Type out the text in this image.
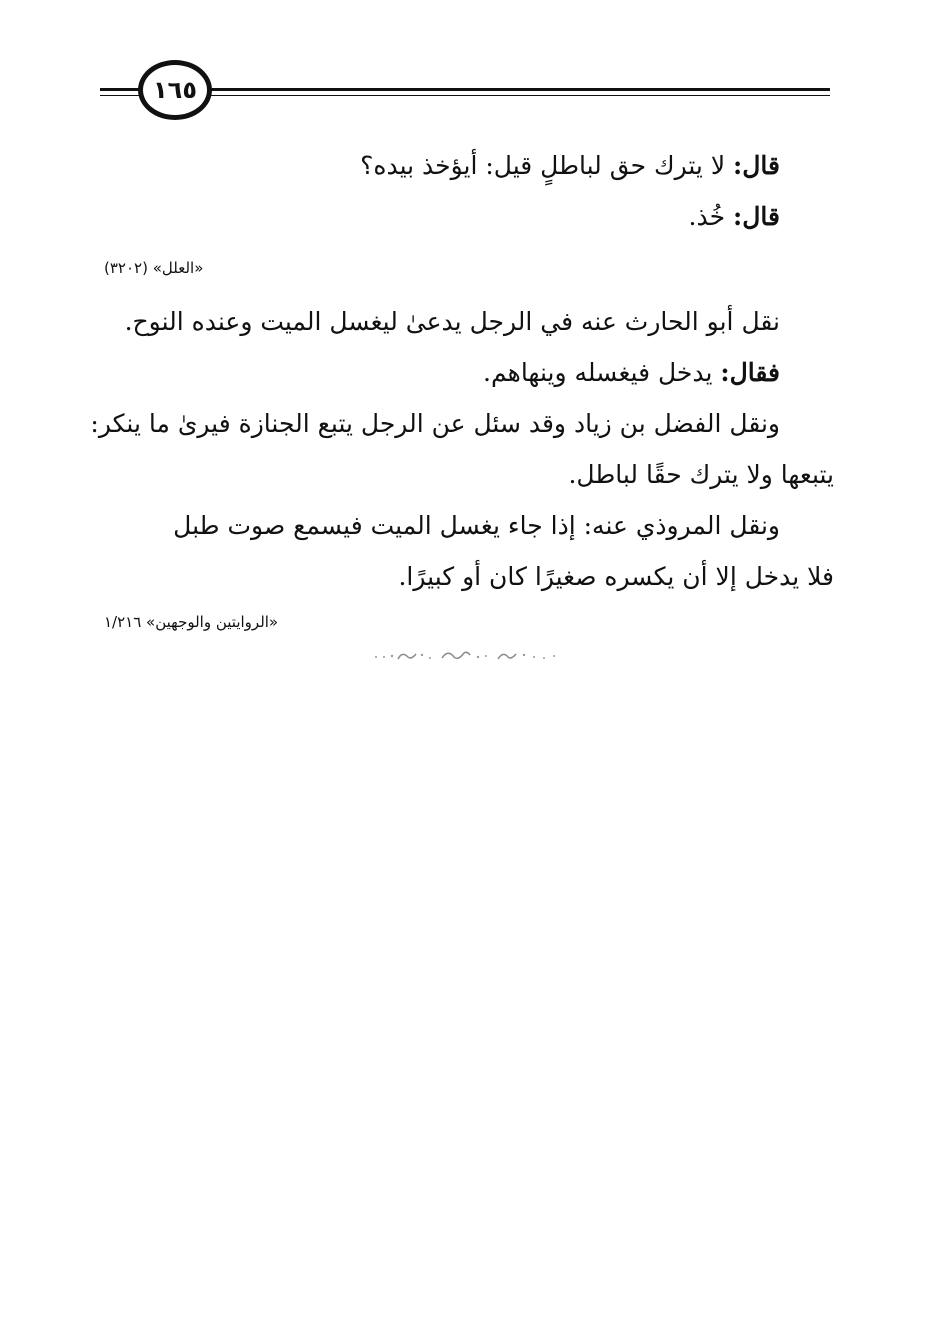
١٦٥
قال: لا يترك حق لباطلٍ قيل: أيؤخذ بيده؟
قال: خُذ.
«العلل» (٣٢٠٢)
نقل أبو الحارث عنه في الرجل يدعىٰ ليغسل الميت وعنده النوح.
فقال: يدخل فيغسله وينهاهم.
ونقل الفضل بن زياد وقد سئل عن الرجل يتبع الجنازة فيرىٰ ما ينكر:
يتبعها ولا يترك حقًا لباطل.
ونقل المروذي عنه: إذا جاء يغسل الميت فيسمع صوت طبل
فلا يدخل إلا أن يكسره صغيرًا كان أو كبيرًا.
«الروايتين والوجهين» ١/٢١٦
